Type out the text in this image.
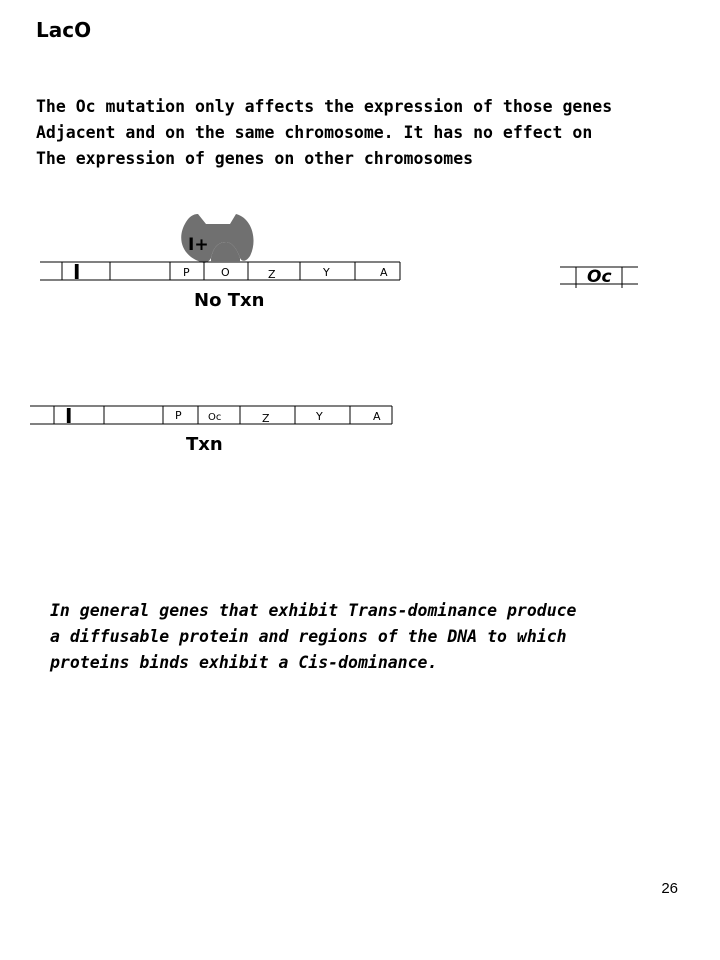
LacO
The Oc mutation only affects the expression of those genes
Adjacent and on the same chromosome. It has no effect on
The expression of genes on other chromosomes
I+
I	P	O	Z	Y	A	Oc
I	P	Oc	Z	Y	A
No Txn
Txn
In general genes that exhibit Trans-dominance produce
a diffusable protein and regions of the DNA to which
proteins binds exhibit a Cis-dominance.
26
